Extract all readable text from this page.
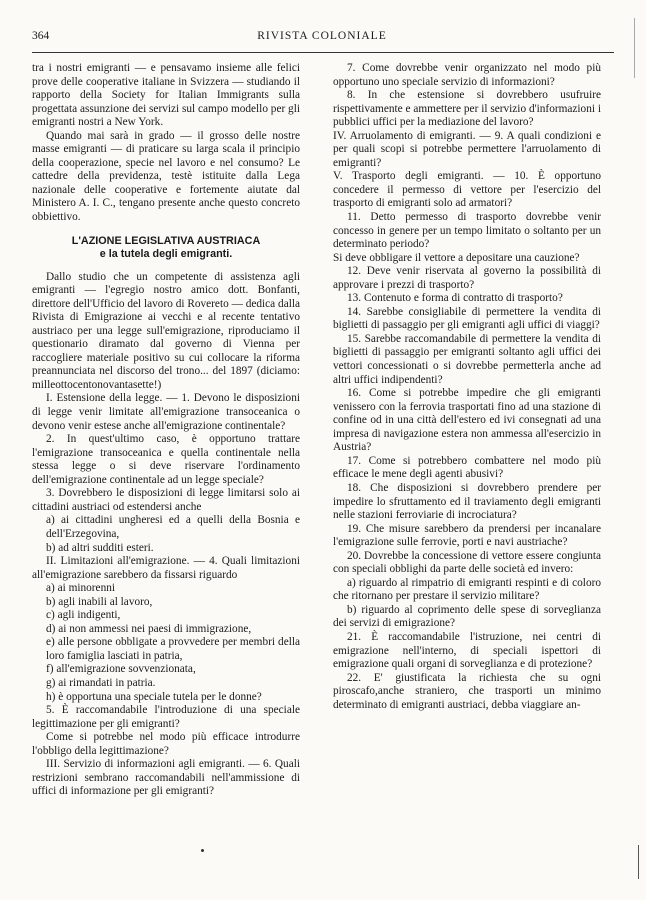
364	RIVISTA COLONIALE

tra i nostri emigranti — e pensavamo insieme alle felici prove delle cooperative italiane in Svizzera — studiando il rapporto della Society for Italian Immigrants sulla progettata assunzione dei servizi sul campo modello per gli emigranti nostri a New York.

Quando mai sarà in grado — il grosso delle nostre masse emigranti — di praticare su larga scala il principio della cooperazione, specie nel lavoro e nel consumo? Le cattedre della previdenza, testè istituite dalla Lega nazionale delle cooperative e fortemente aiutate dal Ministero A. I. C., tengano presente anche questo concreto obbiettivo.

L'AZIONE LEGISLATIVA AUSTRIACA
e la tutela degli emigranti.

Dallo studio che un competente di assistenza agli emigranti — l'egregio nostro amico dott. Bonfanti, direttore dell'Ufficio del lavoro di Rovereto — dedica dalla Rivista di Emigrazione ai vecchi e al recente tentativo austriaco per una legge sull'emigrazione, riproduciamo il questionario diramato dal governo di Vienna per raccogliere materiale positivo su cui collocare la riforma preannunciata nel discorso del trono... del 1897 (diciamo: milleottocentonovantasette!)

I. Estensione della legge. — 1. Devono le disposizioni di legge venir limitate all'emigrazione transoceanica o devono venir estese anche all'emigrazione continentale?

2. In quest'ultimo caso, è opportuno trattare l'emigrazione transoceanica e quella continentale nella stessa legge o si deve riservare l'ordinamento dell'emigrazione continentale ad un legge speciale?

3. Dovrebbero le disposizioni di legge limitarsi solo ai cittadini austriaci od estendersi anche

a) ai cittadini ungheresi ed a quelli della Bosnia e dell'Erzegovina,

b) ad altri sudditi esteri.

II. Limitazioni all'emigrazione. — 4. Quali limitazioni all'emigrazione sarebbero da fissarsi riguardo

a) ai minorenni

b) agli inabili al lavoro,

c) agli indigenti,

d) ai non ammessi nei paesi di immigrazione,

e) alle persone obbligate a provvedere per membri della loro famiglia lasciati in patria,

f) all'emigrazione sovvenzionata,

g) ai rimandati in patria.

h) è opportuna una speciale tutela per le donne?

5. È raccomandabile l'introduzione di una speciale legittimazione per gli emigranti?

Come si potrebbe nel modo più efficace introdurre l'obbligo della legittimazione?

III. Servizio di informazioni agli emigranti. — 6. Quali restrizioni sembrano raccomandabili nell'ammissione di uffici di informazione per gli emigranti?

7. Come dovrebbe venir organizzato nel modo più opportuno uno speciale servizio di informazioni?

8. In che estensione si dovrebbero usufruire rispettivamente e ammettere per il servizio d'informazioni i pubblici uffici per la mediazione del lavoro?

IV. Arruolamento di emigranti. — 9. A quali condizioni e per quali scopi si potrebbe permettere l'arruolamento di emigranti?

V. Trasporto degli emigranti. — 10. È opportuno concedere il permesso di vettore per l'esercizio del trasporto di emigranti solo ad armatori?

11. Detto permesso di trasporto dovrebbe venir concesso in genere per un tempo limitato o soltanto per un determinato periodo?

Si deve obbligare il vettore a depositare una cauzione?

12. Deve venir riservata al governo la possibilità di approvare i prezzi di trasporto?

13. Contenuto e forma di contratto di trasporto?

14. Sarebbe consigliabile di permettere la vendita di biglietti di passaggio per gli emigranti agli uffici di viaggi?

15. Sarebbe raccomandabile di permettere la vendita di biglietti di passaggio per emigranti soltanto agli uffici dei vettori concessionati o si dovrebbe permetterla anche ad altri uffici indipendenti?

16. Come si potrebbe impedire che gli emigranti venissero con la ferrovia trasportati fino ad una stazione di confine od in una città dell'estero ed ivi consegnati ad una impresa di navigazione estera non ammessa all'esercizio in Austria?

17. Come si potrebbero combattere nel modo più efficace le mene degli agenti abusivi?

18. Che disposizioni si dovrebbero prendere per impedire lo sfruttamento ed il traviamento degli emigranti nelle stazioni ferroviarie di incrociatura?

19. Che misure sarebbero da prendersi per incanalare l'emigrazione sulle ferrovie, porti e navi austriache?

20. Dovrebbe la concessione di vettore essere congiunta con speciali obblighi da parte delle società ed invero:

a) riguardo al rimpatrio di emigranti respinti e di coloro che ritornano per prestare il servizio militare?

b) riguardo al coprimento delle spese di sorveglianza dei servizi di emigrazione?

21. È raccomandabile l'istruzione, nei centri di emigrazione nell'interno, di speciali ispettori di emigrazione quali organi di sorveglianza e di protezione?

22. E' giustificata la richiesta che su ogni piroscafo,anche straniero, che trasporti un minimo determinato di emigranti austriaci, debba viaggiare an-
